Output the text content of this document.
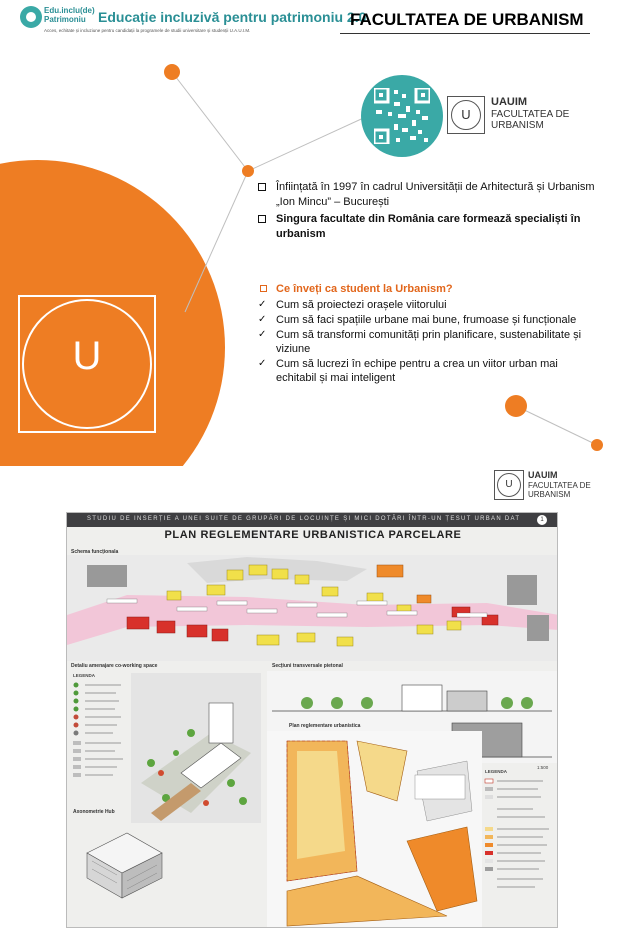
Edu.inclu(de) Patrimoniu Educație incluzivă pentru patrimoniu 2.0
Acces, echitate și incluziune pentru candidații la programele de studii universitare și studenții U.A.U.I.M.
FACULTATEA DE URBANISM
U
U
UAUIM
FACULTATEA DE
URBANISM
Înființată în 1997 în cadrul Universității de Arhitectură și Urbanism „Ion Mincu” – București
Singura facultate din România care formează specialiști în urbanism
Ce înveți ca student la Urbanism?
✓ Cum să proiectezi orașele viitorului
✓ Cum să faci spațiile urbane mai bune, frumoase și funcționale
✓ Cum să transformi comunități prin planificare, sustenabilitate și viziune
✓ Cum să lucrezi în echipe pentru a crea un viitor urban mai echitabil și mai inteligent
U
UAUIM
FACULTATEA DE
URBANISM
STUDIU DE INSERȚIE A UNEI SUITE DE GRUPĂRI DE LOCUINȚE ȘI MICI DOTĂRI ÎNTR-UN ȚESUT URBAN DAT	1
PLAN REGLEMENTARE URBANISTICA PARCELARE
Schema funcționala
Detaliu amenajare co-working space
LEGENDA
Axonometrie Hub
Secțiuni transversale pietonal
1:500
Plan reglementare urbanistica
LEGENDA
